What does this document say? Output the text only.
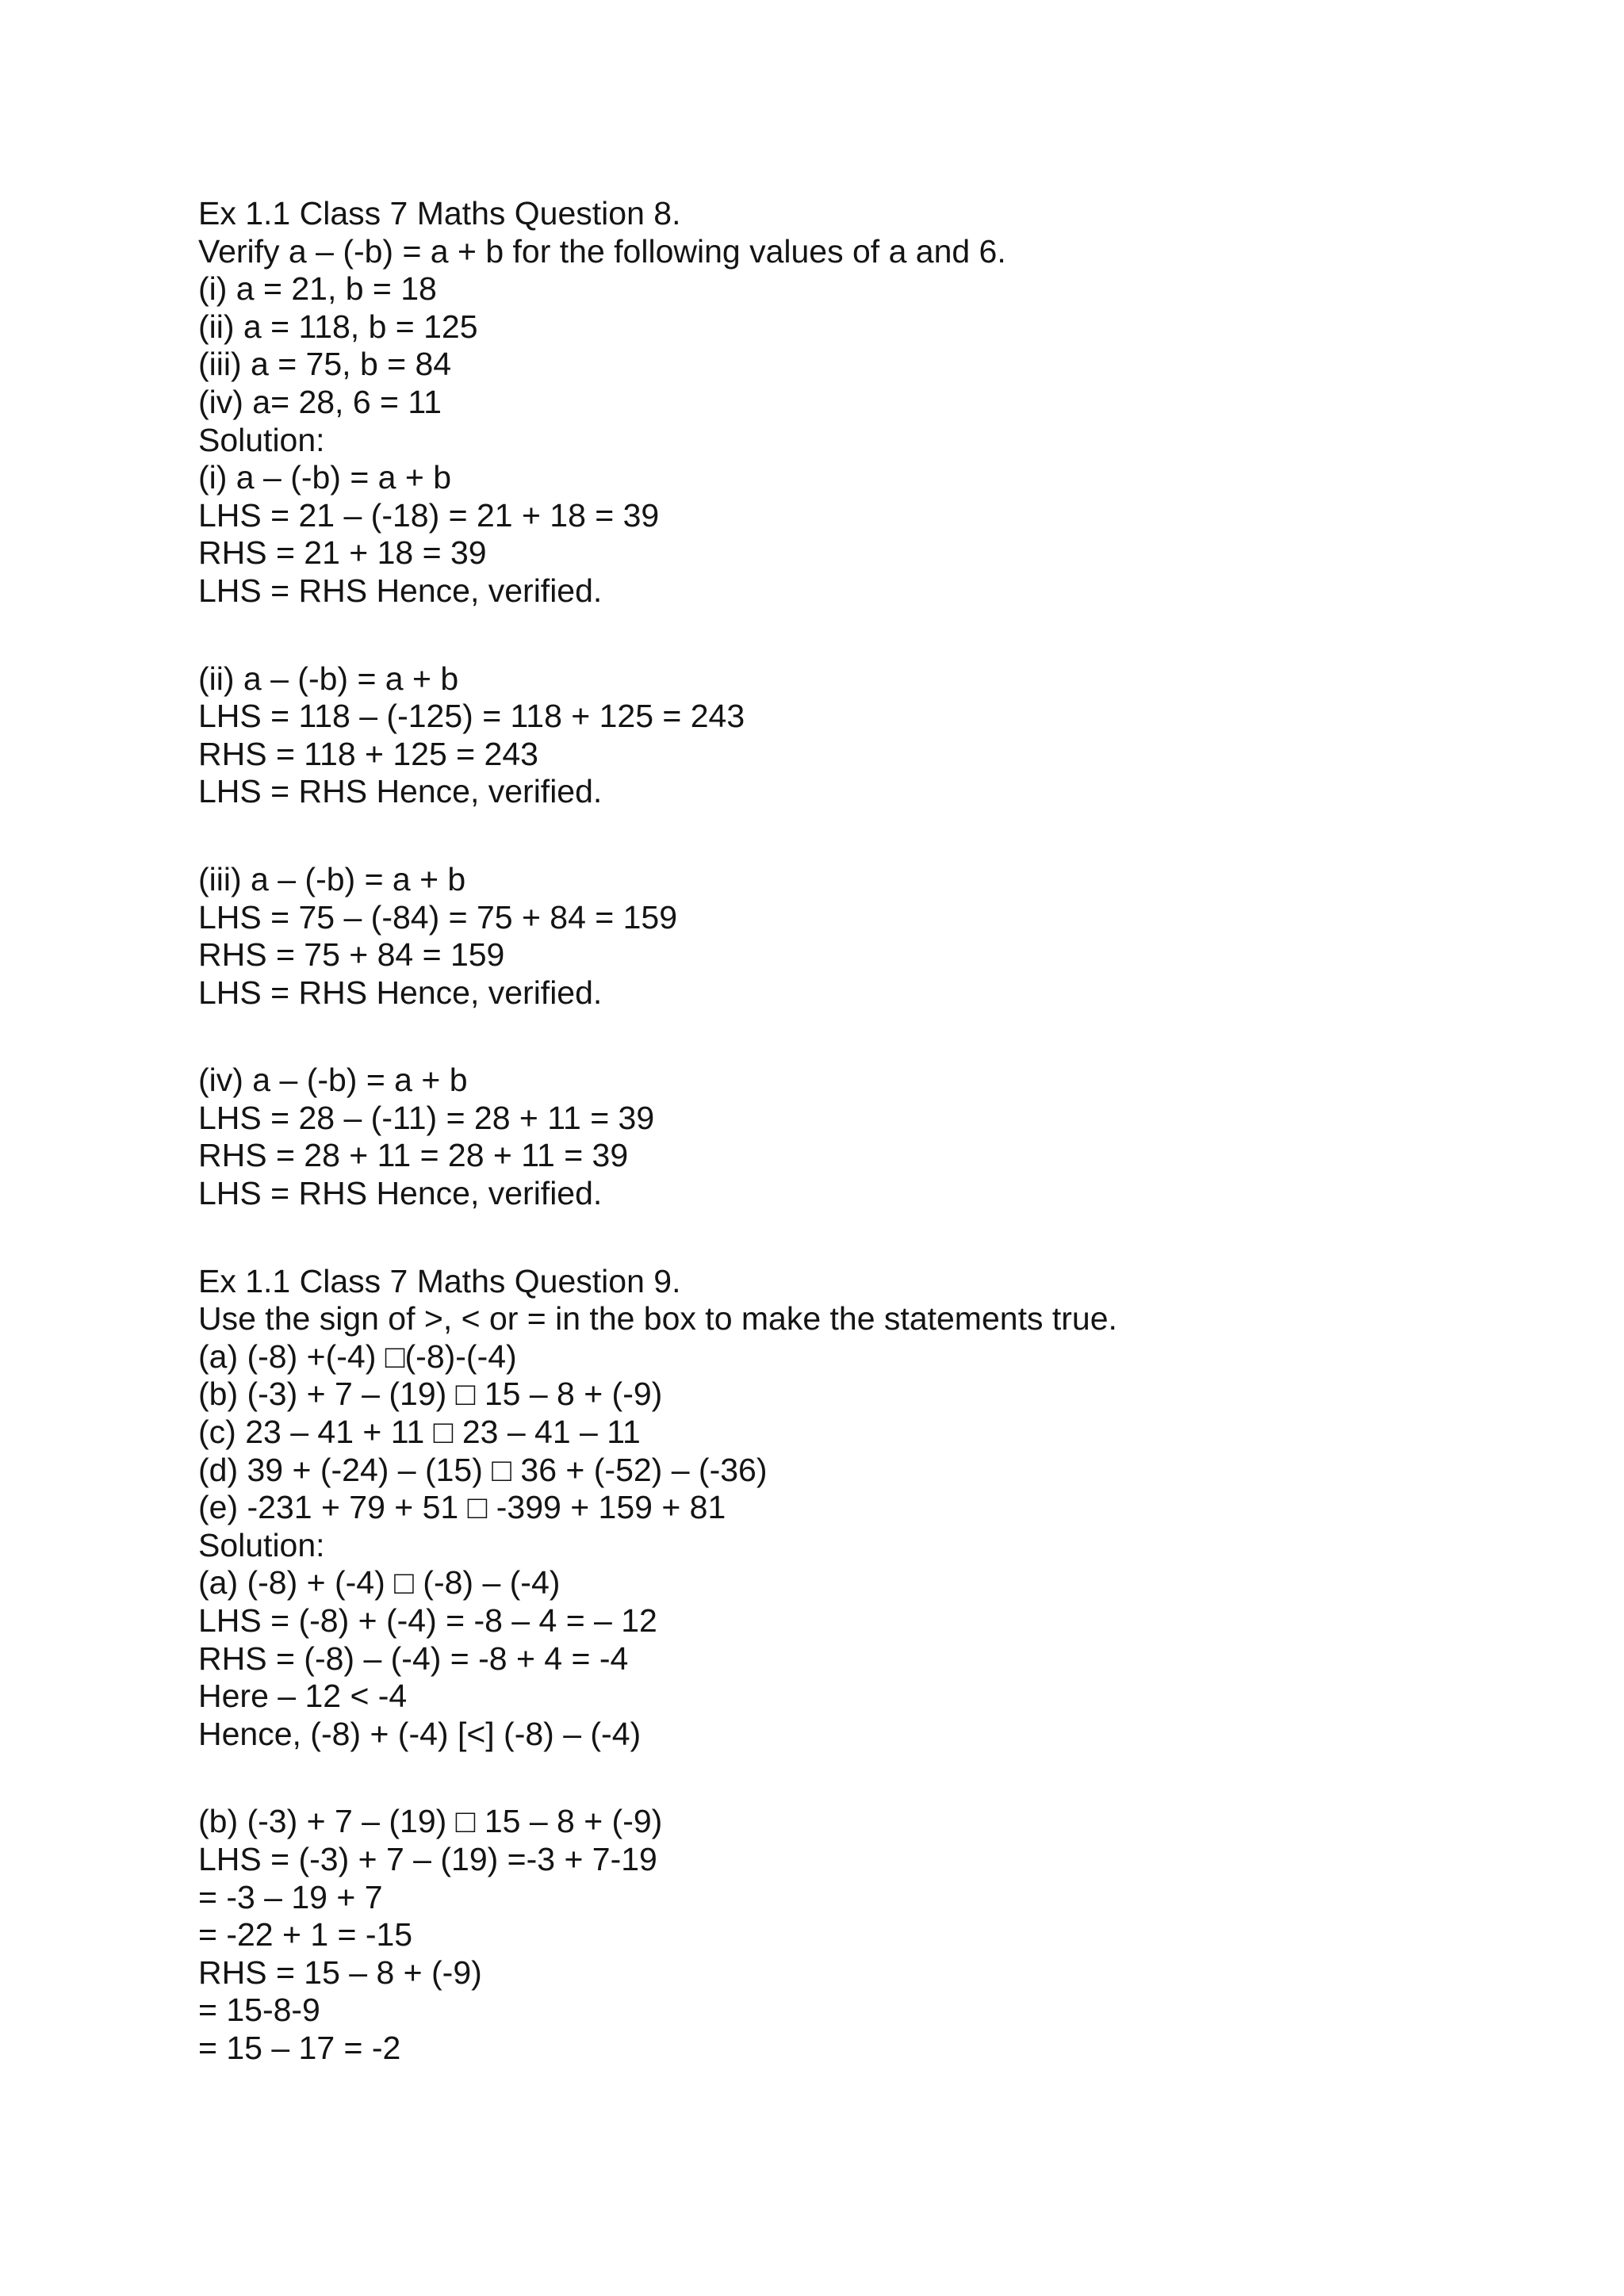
Ex 1.1 Class 7 Maths Question 8.
Verify a – (-b) = a + b for the following values of a and 6.
(i) a = 21, b = 18
(ii) a = 118, b = 125
(iii) a = 75, b = 84
(iv) a= 28, 6 = 11
Solution:
(i) a – (-b) = a + b
LHS = 21 – (-18) = 21 + 18 = 39
RHS = 21 + 18 = 39
LHS = RHS Hence, verified.
(ii) a – (-b) = a + b
LHS = 118 – (-125) = 118 + 125 = 243
RHS = 118 + 125 = 243
LHS = RHS Hence, verified.
(iii) a – (-b) = a + b
LHS = 75 – (-84) = 75 + 84 = 159
RHS = 75 + 84 = 159
LHS = RHS Hence, verified.
(iv) a – (-b) = a + b
LHS = 28 – (-11) = 28 + 11 = 39
RHS = 28 + 11 = 28 + 11 = 39
LHS = RHS Hence, verified.
Ex 1.1 Class 7 Maths Question 9.
Use the sign of >, < or = in the box to make the statements true.
(a) (-8) +(-4) □(-8)-(-4)
(b) (-3) + 7 – (19) □ 15 – 8 + (-9)
(c) 23 – 41 + 11 □ 23 – 41 – 11
(d) 39 + (-24) – (15) □ 36 + (-52) – (-36)
(e) -231 + 79 + 51 □ -399 + 159 + 81
Solution:
(a) (-8) + (-4) □ (-8) – (-4)
LHS = (-8) + (-4) = -8 – 4 = – 12
RHS = (-8) – (-4) = -8 + 4 = -4
Here – 12 < -4
Hence, (-8) + (-4) [<] (-8) – (-4)
(b) (-3) + 7 – (19) □ 15 – 8 + (-9)
LHS = (-3) + 7 – (19) =-3 + 7-19
= -3 – 19 + 7
= -22 + 1 = -15
RHS = 15 – 8 + (-9)
= 15-8-9
= 15 – 17 = -2
